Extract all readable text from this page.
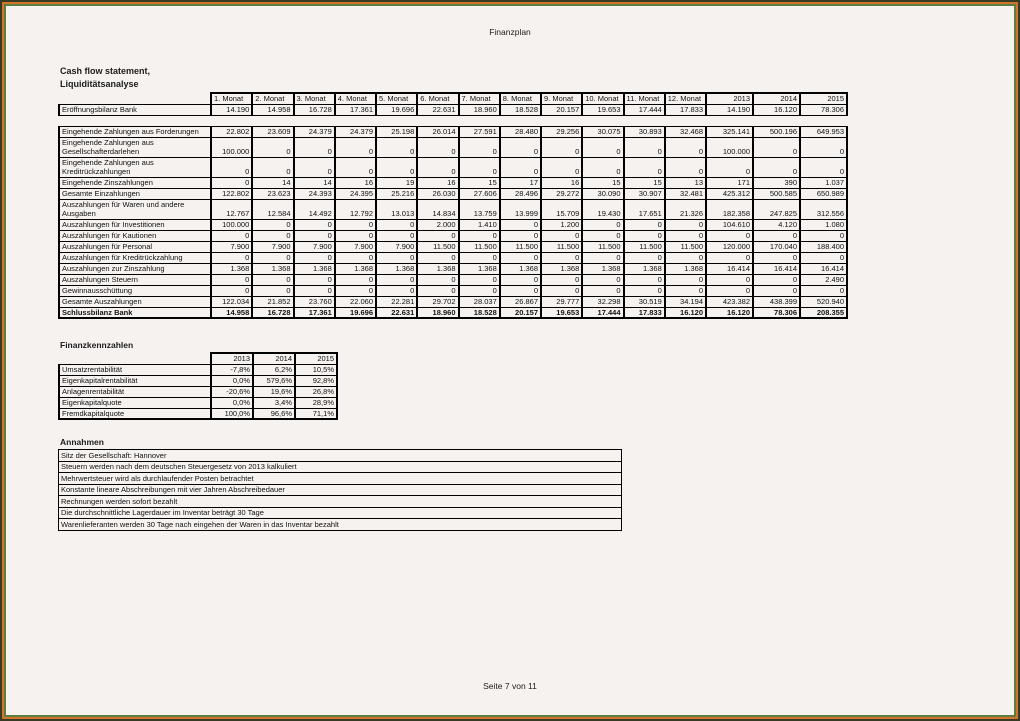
Finanzplan
Cash flow statement,
Liquiditätsanalyse
	1. Monat	2. Monat	3. Monat	4. Monat	5. Monat	6. Monat	7. Monat	8. Monat	9. Monat	10. Monat	11. Monat	12. Monat	2013	2014	2015
Eröffnungsbilanz Bank	14.190	14.958	16.728	17.361	19.696	22.631	18.960	18.528	20.157	19.653	17.444	17.833	14.190	16.120	78.306

Eingehende Zahlungen aus Forderungen	22.802	23.609	24.379	24.379	25.198	26.014	27.591	28.480	29.256	30.075	30.893	32.468	325.141	500.196	649.953
Eingehende Zahlungen aus Gesellschafterdarlehen	100.000	0	0	0	0	0	0	0	0	0	0	0	100.000	0	0
Eingehende Zahlungen aus Kreditrückzahlungen	0	0	0	0	0	0	0	0	0	0	0	0	0	0	0
Eingehende Zinszahlungen	0	14	14	16	19	16	15	17	16	15	15	13	171	390	1.037
Gesamte Einzahlungen	122.802	23.623	24.393	24.395	25.216	26.030	27.606	28.496	29.272	30.090	30.907	32.481	425.312	500.585	650.989
Auszahlungen für Waren und andere Ausgaben	12.767	12.584	14.492	12.792	13.013	14.834	13.759	13.999	15.709	19.430	17.651	21.326	182.358	247.825	312.556
Auszahlungen für Investitionen	100.000	0	0	0	0	2.000	1.410	0	1.200	0	0	0	104.610	4.120	1.080
Auszahlungen für Kautionen	0	0	0	0	0	0	0	0	0	0	0	0	0	0	0
Auszahlungen für Personal	7.900	7.900	7.900	7.900	7.900	11.500	11.500	11.500	11.500	11.500	11.500	11.500	120.000	170.040	188.400
Auszahlungen für Kreditrückzahlung	0	0	0	0	0	0	0	0	0	0	0	0	0	0	0
Auszahlungen zur Zinszahlung	1.368	1.368	1.368	1.368	1.368	1.368	1.368	1.368	1.368	1.368	1.368	1.368	16.414	16.414	16.414
Auszahlungen Steuern	0	0	0	0	0	0	0	0	0	0	0	0	0	0	2.490
Gewinnausschüttung	0	0	0	0	0	0	0	0	0	0	0	0	0	0	0
Gesamte Auszahlungen	122.034	21.852	23.760	22.060	22.281	29.702	28.037	26.867	29.777	32.298	30.519	34.194	423.382	438.399	520.940
Schlussbilanz Bank	14.958	16.728	17.361	19.696	22.631	18.960	18.528	20.157	19.653	17.444	17.833	16.120	16.120	78.306	208.355
Finanzkennzahlen
	2013	2014	2015
Umsatzrentabilität	-7,8%	6,2%	10,5%
Eigenkapitalrentabilität	0,0%	579,6%	92,8%
Anlagenrentabilität	-20,6%	19,6%	26,8%
Eigenkapitalquote	0,0%	3,4%	28,9%
Fremdkapitalquote	100,0%	96,6%	71,1%
Annahmen
Sitz der Gesellschaft: Hannover
Steuern werden nach dem deutschen Steuergesetz von 2013 kalkuliert
Mehrwertsteuer wird als durchlaufender Posten betrachtet
Konstante lineare Abschreibungen mit vier Jahren Abschreibedauer
Rechnungen werden sofort bezahlt
Die durchschnittliche Lagerdauer im Inventar beträgt 30 Tage
Warenlieferanten werden 30 Tage nach eingehen der Waren in das Inventar bezahlt
Seite 7 von 11
